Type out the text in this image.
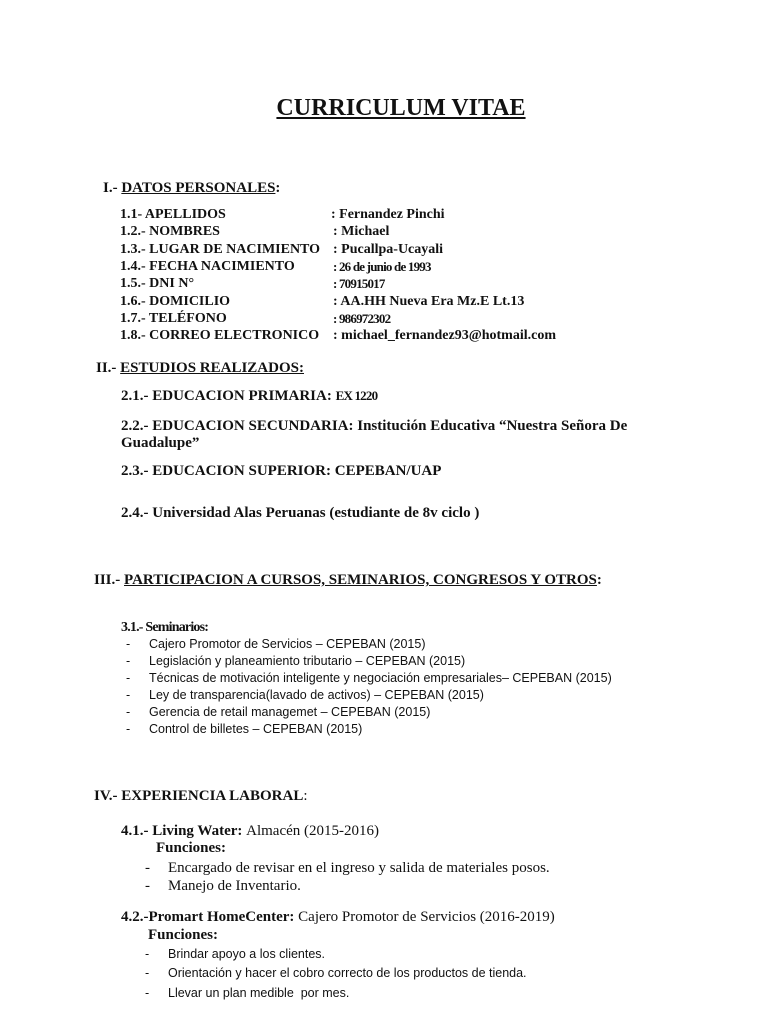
CURRICULUM VITAE
I.- DATOS PERSONALES:
1.1- APELLIDOS	: Fernandez Pinchi
1.2.- NOMBRES	: Michael
1.3.- LUGAR DE NACIMIENTO : Pucallpa-Ucayali
1.4.- FECHA NACIMIENTO	: 26 de junio de 1993
1.5.- DNI N°	: 70915017
1.6.- DOMICILIO	: AA.HH Nueva Era Mz.E Lt.13
1.7.- TELÉFONO	: 986972302
1.8.- CORREO ELECTRONICO : michael_fernandez93@hotmail.com
II.- ESTUDIOS REALIZADOS:
2.1.- EDUCACION PRIMARIA: EX 1220
2.2.- EDUCACION SECUNDARIA: Institución Educativa “Nuestra Señora De
Guadalupe”
2.3.- EDUCACION SUPERIOR: CEPEBAN/UAP
2.4.- Universidad Alas Peruanas (estudiante de 8v ciclo )
III.- PARTICIPACION A CURSOS, SEMINARIOS, CONGRESOS Y OTROS:
3.1.- Seminarios:
- Cajero Promotor de Servicios – CEPEBAN (2015)
- Legislación y planeamiento tributario – CEPEBAN (2015)
- Técnicas de motivación inteligente y negociación empresariales– CEPEBAN (2015)
- Ley de transparencia(lavado de activos) – CEPEBAN (2015)
- Gerencia de retail managemet – CEPEBAN (2015)
- Control de billetes – CEPEBAN (2015)
IV.- EXPERIENCIA LABORAL:
4.1.- Living Water: Almacén (2015-2016)
Funciones:
- Encargado de revisar en el ingreso y salida de materiales posos.
- Manejo de Inventario.
4.2.-Promart HomeCenter: Cajero Promotor de Servicios (2016-2019)
Funciones:
- Brindar apoyo a los clientes.
- Orientación y hacer el cobro correcto de los productos de tienda.
- Llevar un plan medible  por mes.
